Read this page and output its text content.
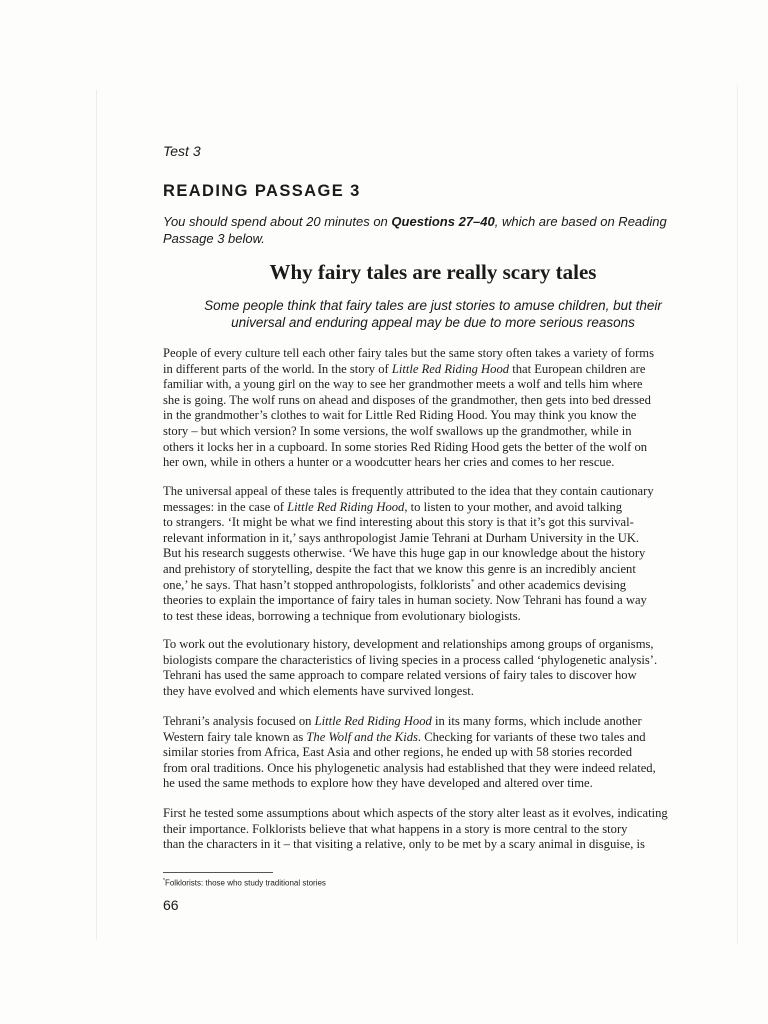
Test 3
READING PASSAGE 3
You should spend about 20 minutes on Questions 27–40, which are based on Reading
Passage 3 below.
Why fairy tales are really scary tales
Some people think that fairy tales are just stories to amuse children, but their
universal and enduring appeal may be due to more serious reasons
People of every culture tell each other fairy tales but the same story often takes a variety of forms
in different parts of the world. In the story of Little Red Riding Hood that European children are
familiar with, a young girl on the way to see her grandmother meets a wolf and tells him where
she is going. The wolf runs on ahead and disposes of the grandmother, then gets into bed dressed
in the grandmother’s clothes to wait for Little Red Riding Hood. You may think you know the
story – but which version? In some versions, the wolf swallows up the grandmother, while in
others it locks her in a cupboard. In some stories Red Riding Hood gets the better of the wolf on
her own, while in others a hunter or a woodcutter hears her cries and comes to her rescue.
The universal appeal of these tales is frequently attributed to the idea that they contain cautionary
messages: in the case of Little Red Riding Hood, to listen to your mother, and avoid talking
to strangers. ‘It might be what we find interesting about this story is that it’s got this survival-
relevant information in it,’ says anthropologist Jamie Tehrani at Durham University in the UK.
But his research suggests otherwise. ‘We have this huge gap in our knowledge about the history
and prehistory of storytelling, despite the fact that we know this genre is an incredibly ancient
one,’ he says. That hasn’t stopped anthropologists, folklorists* and other academics devising
theories to explain the importance of fairy tales in human society. Now Tehrani has found a way
to test these ideas, borrowing a technique from evolutionary biologists.
To work out the evolutionary history, development and relationships among groups of organisms,
biologists compare the characteristics of living species in a process called ‘phylogenetic analysis’.
Tehrani has used the same approach to compare related versions of fairy tales to discover how
they have evolved and which elements have survived longest.
Tehrani’s analysis focused on Little Red Riding Hood in its many forms, which include another
Western fairy tale known as The Wolf and the Kids. Checking for variants of these two tales and
similar stories from Africa, East Asia and other regions, he ended up with 58 stories recorded
from oral traditions. Once his phylogenetic analysis had established that they were indeed related,
he used the same methods to explore how they have developed and altered over time.
First he tested some assumptions about which aspects of the story alter least as it evolves, indicating
their importance. Folklorists believe that what happens in a story is more central to the story
than the characters in it – that visiting a relative, only to be met by a scary animal in disguise, is
*Folklorists: those who study traditional stories
66
